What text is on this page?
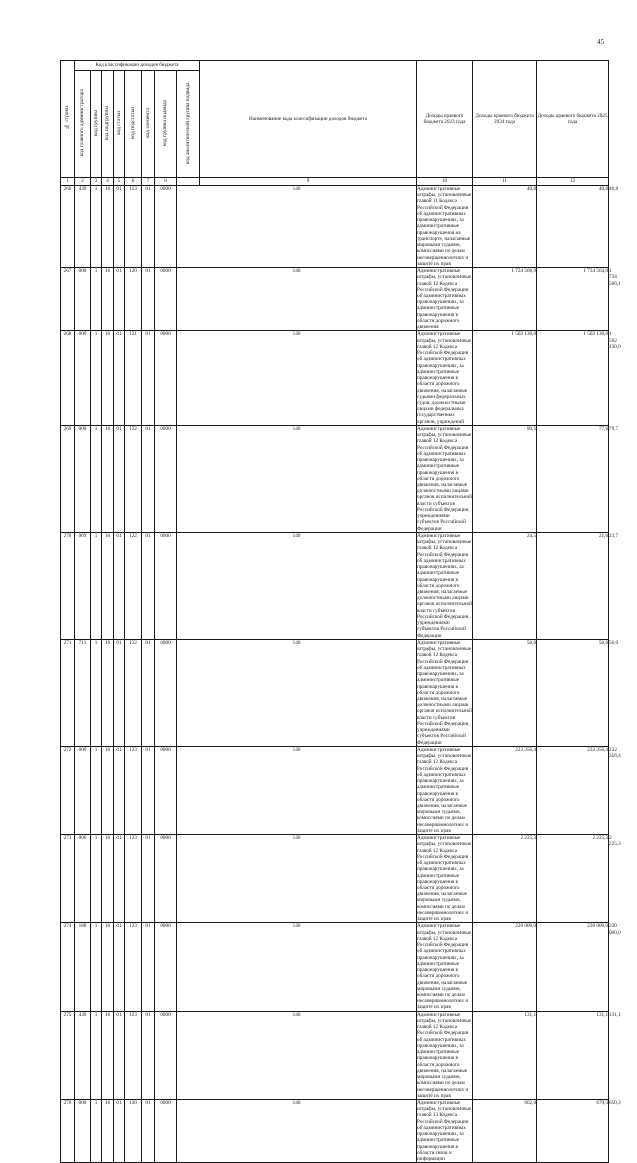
45
№ строки	Код классификации доходов бюджета								Наименование кода классификации доходов бюджета	Доходы краевого бюджета 2023 года	Доходы краевого бюджета 2024 года	Доходы краевого бюджета 2025 года	
	код главного администратора	код группы	код подгруппы	код статьи	код подстатьи	код элемента	код группы подвида	код аналитической группы подвида					
1	2	3	4	5	6	7	8		9	10	11	12	
266	439	1	16	01	113	01	0000	140		Административные штрафы, установленные главой 11 Кодекса Российской Федерации об административных правонарушениях, за административные правонарушения на транспорте, налагаемые мировыми судьями, комиссиями по делам несовершеннолетних и защите их прав	40,8	40,8	40,8
267	000	1	16	01	120	01	0000	140		Административные штрафы, установленные главой 12 Кодекса Российской Федерации об административных правонарушениях, за административные правонарушения в области дорожного движения	1 724 566,9	1 734 564,0	1 734 566,1
268	000	1	16	01	121	01	0000	140		Административные штрафы, установленные главой 12 Кодекса Российской Федерации об административных правонарушениях, за административные правонарушения в области дорожного движения, налагаемые судьями федеральных судов, должностными лицами федеральных государственных органов, учреждений	1 502 130,0	1 502 130,0	1 502 130,0
269	000	1	16	01	122	01	0000	140		Административные штрафы, установленные главой 12 Кодекса Российской Федерации об административных правонарушениях, за административные правонарушения в области дорожного движения, налагаемые должностными лицами органов исполнительной власти субъектов Российской Федерации, учреждениями субъектов Российской Федерации	80,5	77,6	79,7
270	069	1	16	01	122	01	0000	140		Административные штрафы, установленные главой 12 Кодекса Российской Федерации об административных правонарушениях, за административные правонарушения в области дорожного движения, налагаемые должностными лицами органов исполнительной власти субъектов Российской Федерации, учреждениями субъектов Российской Федерации	24,5	21,6	23,7
271	711	1	16	01	122	01	0000	140		Административные штрафы, установленные главой 12 Кодекса Российской Федерации об административных правонарушениях, за административные правонарушения в области дорожного движения, налагаемые должностными лицами органов исполнительной власти субъектов Российской Федерации, учреждениями субъектов Российской Федерации	56,0	56,0	56,0
272	000	1	16	01	123	01	0000	140		Административные штрафы, установленные главой 12 Кодекса Российской Федерации об административных правонарушениях, за административные правонарушения в области дорожного движения, налагаемые мировыми судьями, комиссиями по делам несовершеннолетних и защите их прав	222 356,4	232 356,4	232 356,4
273	006	1	16	01	123	01	0000	140		Административные штрафы, установленные главой 12 Кодекса Российской Федерации об административных правонарушениях, за административные правонарушения в области дорожного движения, налагаемые мировыми судьями, комиссиями по делам несовершеннолетних и защите их прав	2 225,3	2 225,3	2 225,3
274	188	1	16	01	123	01	0000	140		Административные штрафы, установленные главой 12 Кодекса Российской Федерации об административных правонарушениях, за административные правонарушения в области дорожного движения, налагаемые мировыми судьями, комиссиями по делам несовершеннолетних и защите их прав	220 000,0	230 000,0	230 000,0
275	439	1	16	01	123	01	0000	140		Административные штрафы, установленные главой 12 Кодекса Российской Федерации об административных правонарушениях, за административные правонарушения в области дорожного движения, налагаемые мировыми судьями, комиссиями по делам несовершеннолетних и защите их прав	131,1	131,1	131,1
276	000	1	16	01	130	01	0000	140		Административные штрафы, установленные главой 13 Кодекса Российской Федерации об административных правонарушениях, за административные правонарушения в области связи и информации	662,8	670,3	650,3
